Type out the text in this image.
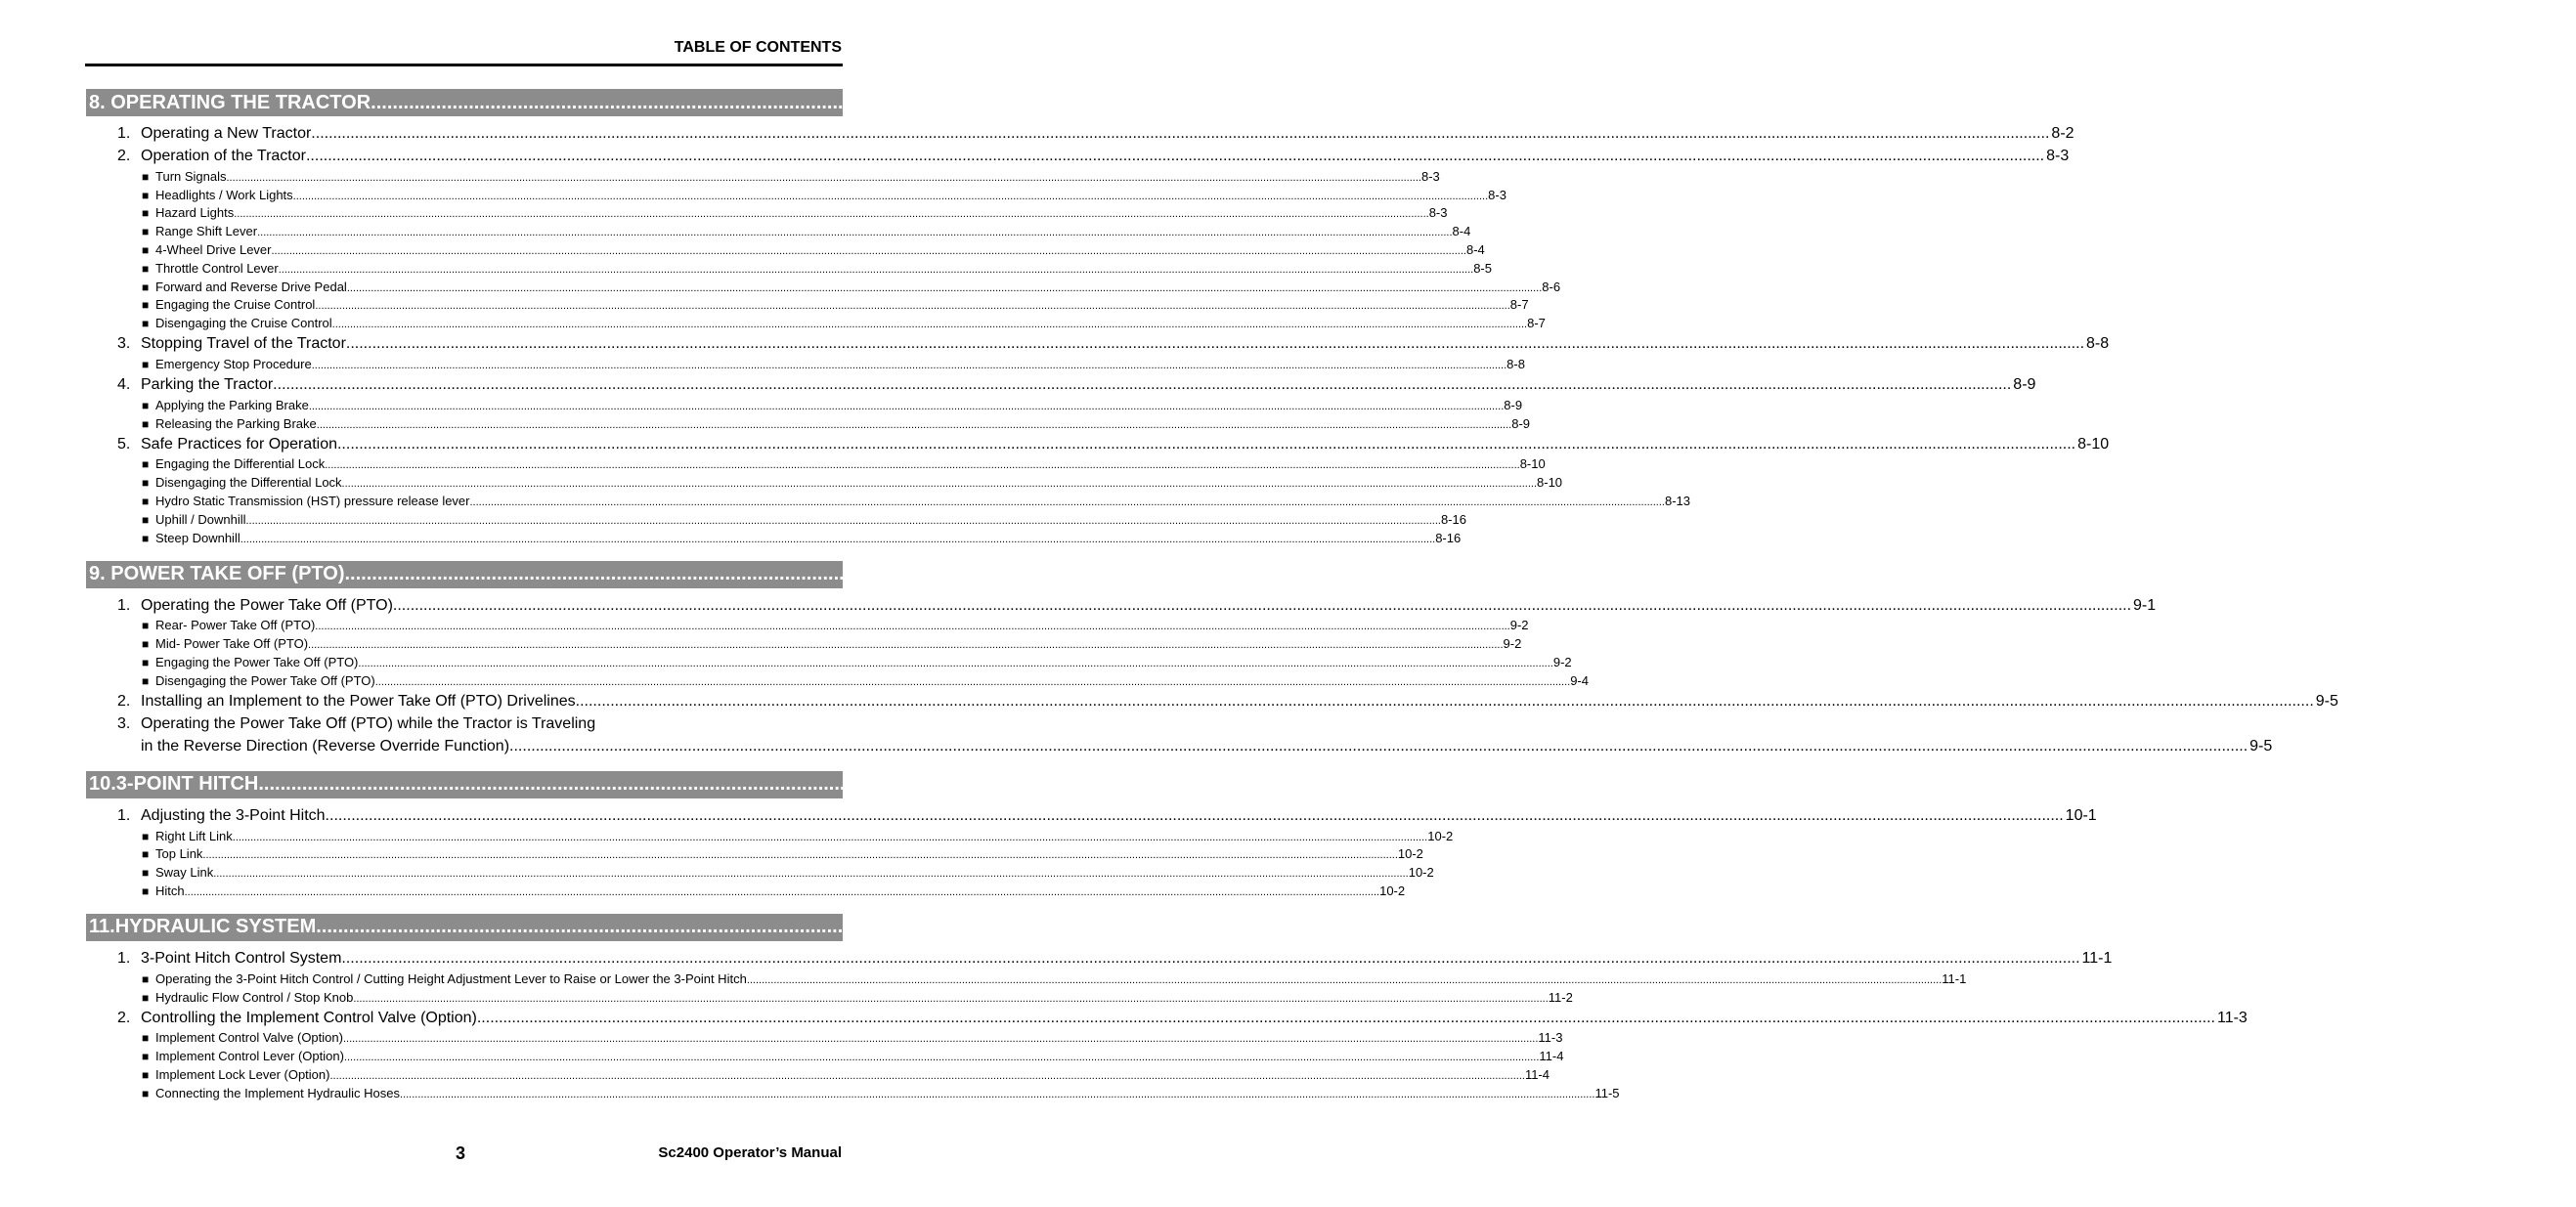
TABLE OF CONTENTS
8. OPERATING THE TRACTOR ................................................................................................................................................................................................................................................................................................................................................................................................................ 8-1
1. Operating a New Tractor ................................................................................................................................................................................................................................................................................................................................................................................................................ 8-2
2. Operation of the Tractor ................................................................................................................................................................................................................................................................................................................................................................................................................ 8-3
■ Turn Signals ................................................................................................................................................................................................................................................................................................................................................................................................................ 8-3
■ Headlights / Work Lights ................................................................................................................................................................................................................................................................................................................................................................................................................ 8-3
■ Hazard Lights ................................................................................................................................................................................................................................................................................................................................................................................................................ 8-3
■ Range Shift Lever ................................................................................................................................................................................................................................................................................................................................................................................................................ 8-4
■ 4-Wheel Drive Lever ................................................................................................................................................................................................................................................................................................................................................................................................................ 8-4
■ Throttle Control Lever ................................................................................................................................................................................................................................................................................................................................................................................................................ 8-5
■ Forward and Reverse Drive Pedal ................................................................................................................................................................................................................................................................................................................................................................................................................ 8-6
■ Engaging the Cruise Control ................................................................................................................................................................................................................................................................................................................................................................................................................ 8-7
■ Disengaging the Cruise Control ................................................................................................................................................................................................................................................................................................................................................................................................................ 8-7
3. Stopping Travel of the Tractor ................................................................................................................................................................................................................................................................................................................................................................................................................ 8-8
■ Emergency Stop Procedure ................................................................................................................................................................................................................................................................................................................................................................................................................ 8-8
4. Parking the Tractor ................................................................................................................................................................................................................................................................................................................................................................................................................ 8-9
■ Applying the Parking Brake ................................................................................................................................................................................................................................................................................................................................................................................................................ 8-9
■ Releasing the Parking Brake ................................................................................................................................................................................................................................................................................................................................................................................................................ 8-9
5. Safe Practices for Operation ................................................................................................................................................................................................................................................................................................................................................................................................................ 8-10
■ Engaging the Differential Lock ................................................................................................................................................................................................................................................................................................................................................................................................................ 8-10
■ Disengaging the Differential Lock ................................................................................................................................................................................................................................................................................................................................................................................................................ 8-10
■ Hydro Static Transmission (HST) pressure release lever ................................................................................................................................................................................................................................................................................................................................................................................................................ 8-13
■ Uphill / Downhill ................................................................................................................................................................................................................................................................................................................................................................................................................ 8-16
■ Steep Downhill ................................................................................................................................................................................................................................................................................................................................................................................................................ 8-16
9. POWER TAKE OFF (PTO) ................................................................................................................................................................................................................................................................................................................................................................................................................ 9-1
1. Operating the Power Take Off (PTO) ................................................................................................................................................................................................................................................................................................................................................................................................................ 9-1
■ Rear- Power Take Off (PTO) ................................................................................................................................................................................................................................................................................................................................................................................................................ 9-2
■ Mid- Power Take Off (PTO) ................................................................................................................................................................................................................................................................................................................................................................................................................ 9-2
■ Engaging the Power Take Off (PTO) ................................................................................................................................................................................................................................................................................................................................................................................................................ 9-2
■ Disengaging the Power Take Off (PTO) ................................................................................................................................................................................................................................................................................................................................................................................................................ 9-4
2. Installing an Implement to the Power Take Off (PTO) Drivelines ................................................................................................................................................................................................................................................................................................................................................................................................................ 9-5
3. Operating the Power Take Off (PTO) while the Tractor is Traveling
in the Reverse Direction (Reverse Override Function) ................................................................................................................................................................................................................................................................................................................................................................................................................ 9-5
10.3-POINT HITCH ................................................................................................................................................................................................................................................................................................................................................................................................................ 10-1
1. Adjusting the 3-Point Hitch ................................................................................................................................................................................................................................................................................................................................................................................................................ 10-1
■ Right Lift Link ................................................................................................................................................................................................................................................................................................................................................................................................................ 10-2
■ Top Link ................................................................................................................................................................................................................................................................................................................................................................................................................ 10-2
■ Sway Link ................................................................................................................................................................................................................................................................................................................................................................................................................ 10-2
■ Hitch ................................................................................................................................................................................................................................................................................................................................................................................................................ 10-2
11.HYDRAULIC SYSTEM ................................................................................................................................................................................................................................................................................................................................................................................................................ 11-1
1. 3-Point Hitch Control System ................................................................................................................................................................................................................................................................................................................................................................................................................ 11-1
■ Operating the 3-Point Hitch Control / Cutting Height Adjustment Lever to Raise or Lower the 3-Point Hitch ................................................................................................................................................................................................................................................................................................................................................................................................................ 11-1
■ Hydraulic Flow Control / Stop Knob ................................................................................................................................................................................................................................................................................................................................................................................................................ 11-2
2. Controlling the Implement Control Valve (Option) ................................................................................................................................................................................................................................................................................................................................................................................................................ 11-3
■ Implement Control Valve (Option) ................................................................................................................................................................................................................................................................................................................................................................................................................ 11-3
■ Implement Control Lever (Option) ................................................................................................................................................................................................................................................................................................................................................................................................................ 11-4
■ Implement Lock Lever (Option) ................................................................................................................................................................................................................................................................................................................................................................................................................ 11-4
■ Connecting the Implement Hydraulic Hoses ................................................................................................................................................................................................................................................................................................................................................................................................................ 11-5
3	Sc2400 Operator’s Manual
